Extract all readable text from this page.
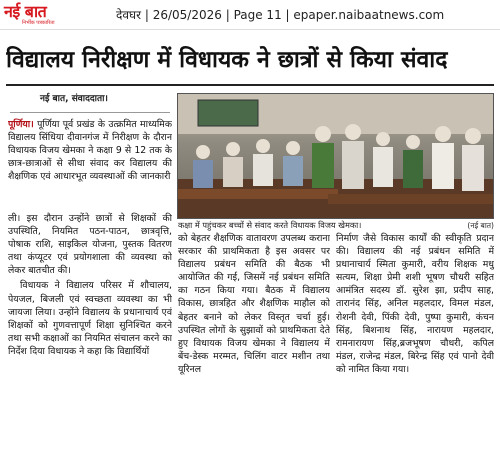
नई बात
निर्भीक पत्रकारिता
देवघर | 26/05/2026 | Page 11 | epaper.naibaatnews.com
विद्यालय निरीक्षण में विधायक ने छात्रों से किया संवाद
नई बात, संवाददाता।

पूर्णिया। पूर्णिया पूर्व प्रखंड के उत्क्रमित माध्यमिक विद्यालय सिंधिया दीवानगंज में निरीक्षण के दौरान विधायक विजय खेमका ने कक्षा 9 से 12 तक के छात्र-छात्राओं से सीधा संवाद कर विद्यालय की शैक्षणिक एवं आधारभूत व्यवस्थाओं की जानकारी

ली। इस दौरान उन्होंने छात्रों से शिक्षकों की उपस्थिति, नियमित पठन-पाठन, छात्रवृत्ति, पोषाक राशि, साइकिल योजना, पुस्तक वितरण तथा कंप्यूटर एवं प्रयोगशाला की व्यवस्था को लेकर बातचीत की।

विधायक ने विद्यालय परिसर में शौचालय, पेयजल, बिजली एवं स्वच्छता व्यवस्था का भी जायजा लिया। उन्होंने विद्यालय के प्रधानाचार्य एवं शिक्षकों को गुणवत्तापूर्ण शिक्षा सुनिश्चित करने तथा सभी कक्षाओं का नियमित संचालन करने का निर्देश दिया विधायक ने कहा कि विद्यार्थियों

कक्षा में पहुंचकर बच्चों से संवाद करते विधायक विजय खेमका।	(नई बात)

को बेहतर शैक्षणिक वातावरण उपलब्ध कराना सरकार की प्राथमिकता है इस अवसर पर विद्यालय प्रबंधन समिति की बैठक भी आयोजित की गई, जिसमें नई प्रबंधन समिति का गठन किया गया। बैठक में विद्यालय विकास, छात्रहित और शैक्षणिक माहौल को बेहतर बनाने को लेकर विस्तृत चर्चा हुई। उपस्थित लोगों के सुझावों को प्राथमिकता देते हुए विधायक विजय खेमका ने विद्यालय में बेंच-डेस्क मरम्मत, चिलिंग वाटर मशीन तथा यूरिनल

निर्माण जैसे विकास कार्यों की स्वीकृति प्रदान की। विद्यालय की नई प्रबंधन समिति में प्रधानाचार्य स्मिता कुमारी, वरीय शिक्षक मधु सत्यम, शिक्षा प्रेमी शशी भूषण चौधरी सहित आमंत्रित सदस्य डॉ. सुरेश झा, प्रदीप साह, तारानंद सिंह, अनिल महलदार, विमल मंडल, रोशनी देवी, पिंकी देवी, पुष्पा कुमारी, कंचन सिंह, बिशनाथ सिंह, नारायण महलदार, रामनारायण सिंह,ब्रजभूषण चौधरी, कपिल मंडल, राजेन्द्र मंडल, बिरेन्द्र सिंह एवं पानो देवी को नामित किया गया।
